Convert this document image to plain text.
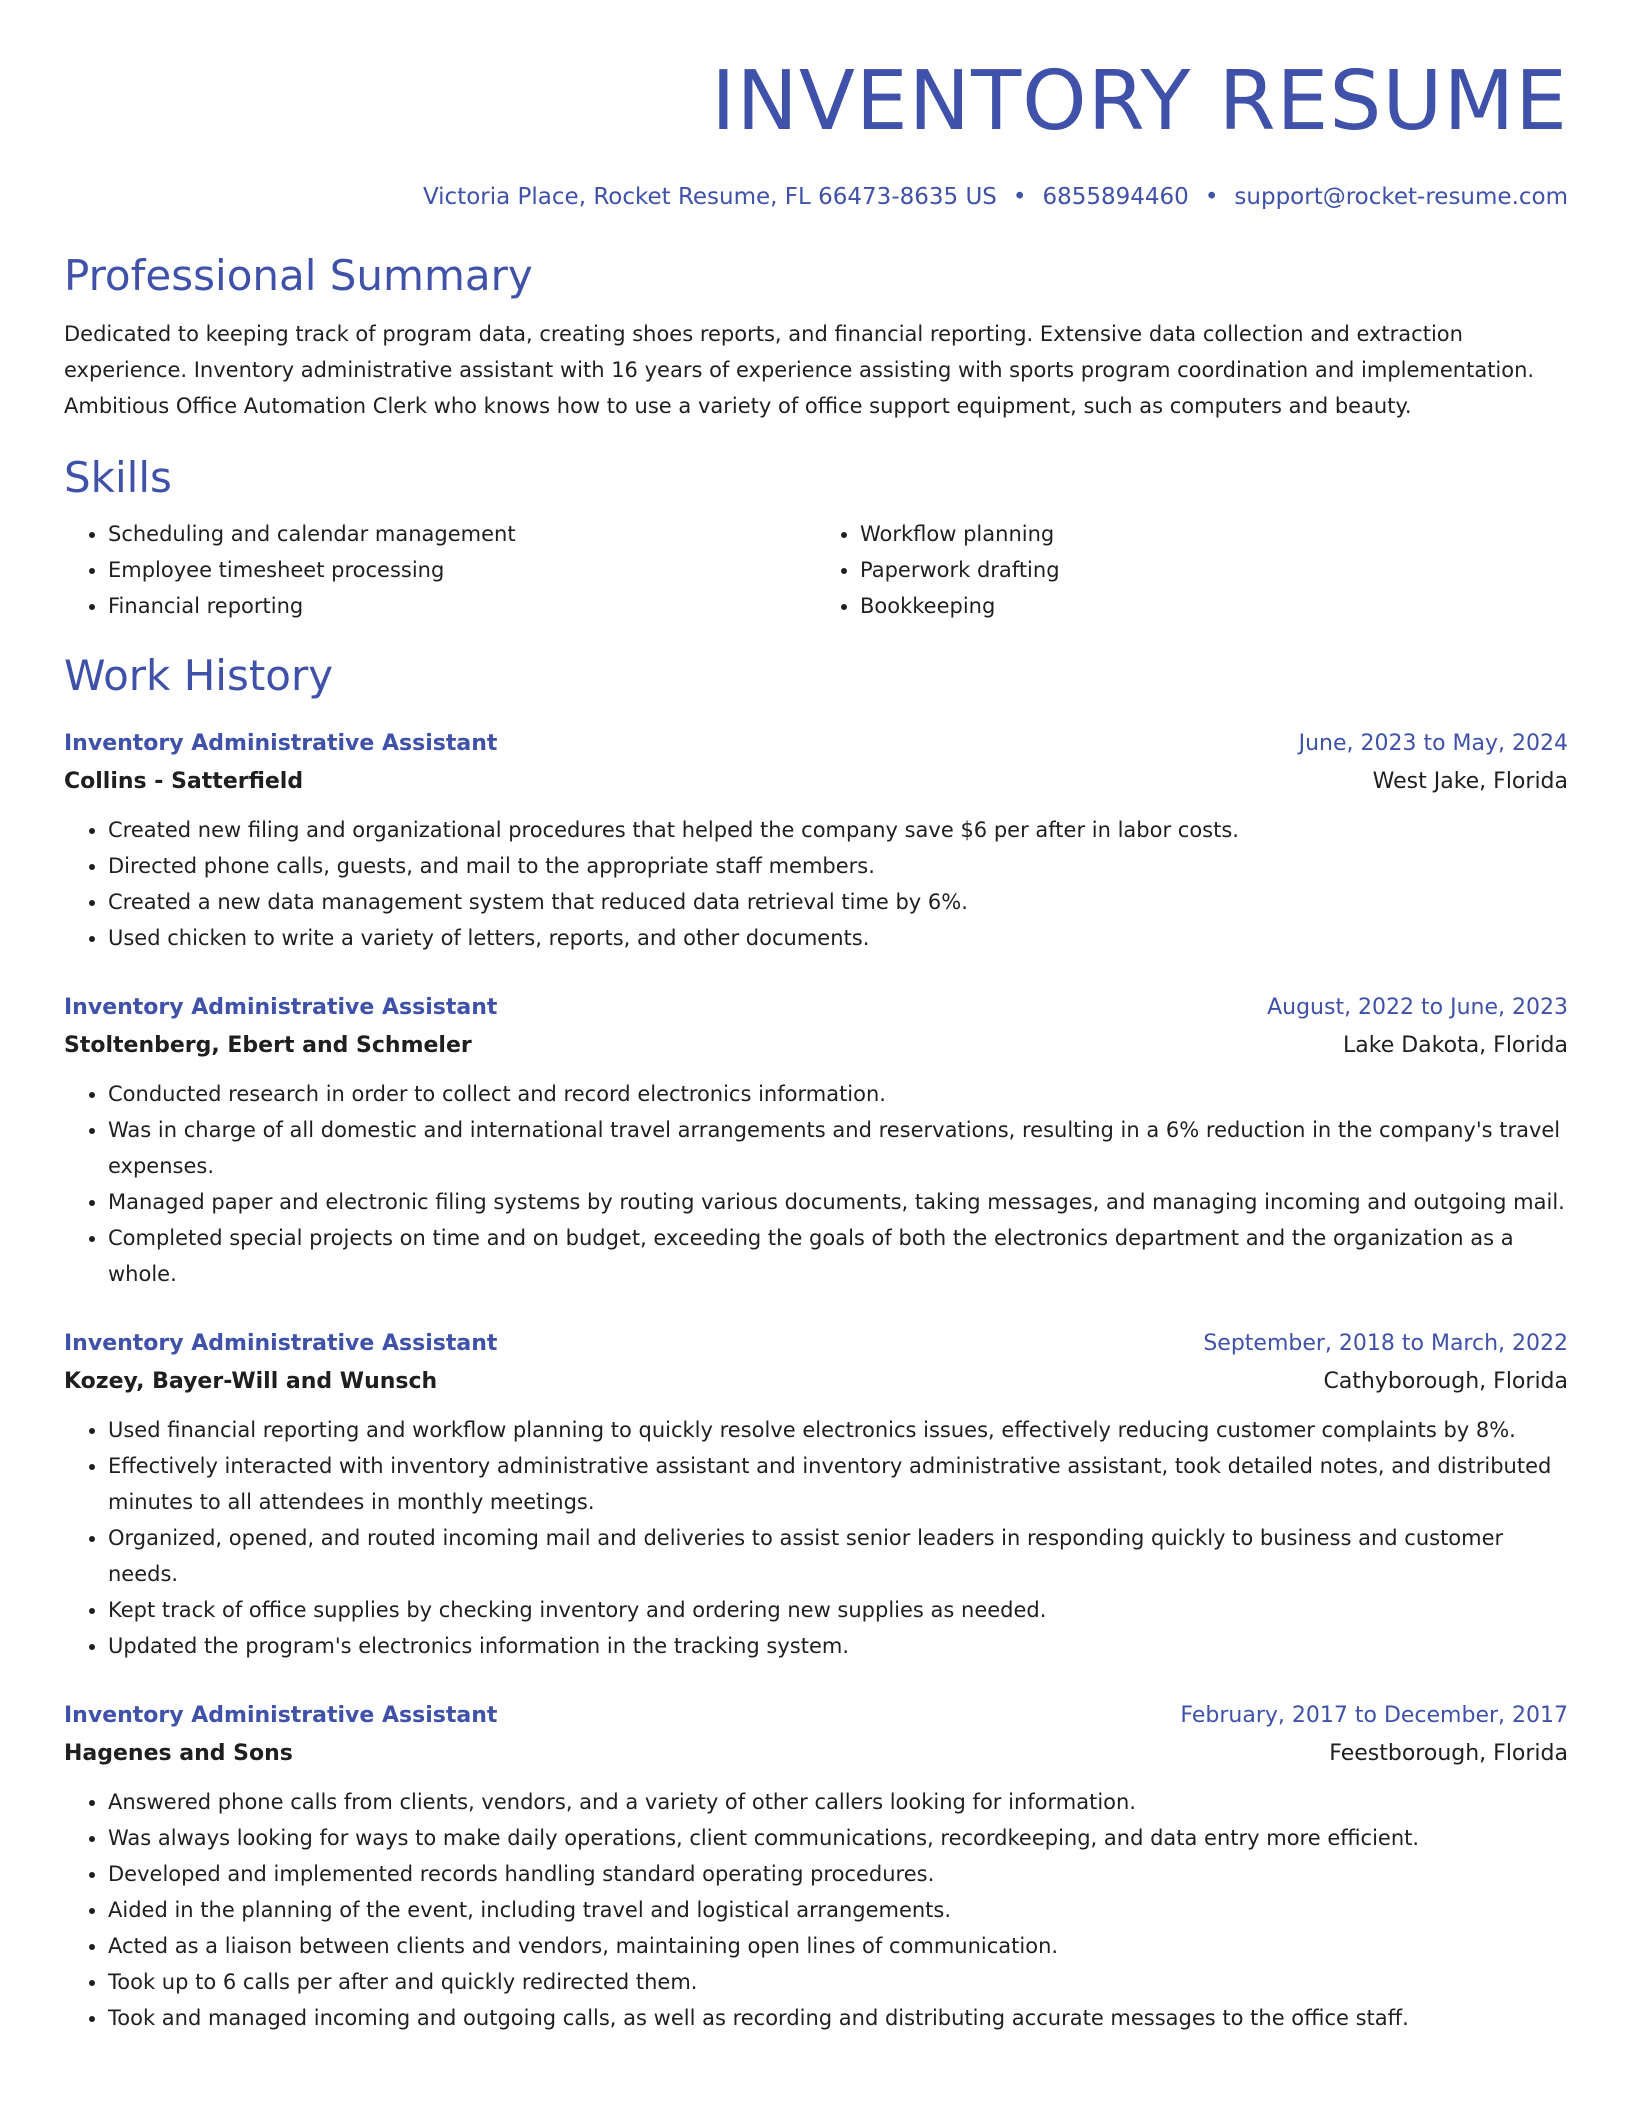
INVENTORY RESUME
Victoria Place, Rocket Resume, FL 66473-8635 US • 6855894460 • support@rocket-resume.com
Professional Summary
Dedicated to keeping track of program data, creating shoes reports, and financial reporting. Extensive data collection and extraction experience. Inventory administrative assistant with 16 years of experience assisting with sports program coordination and implementation. Ambitious Office Automation Clerk who knows how to use a variety of office support equipment, such as computers and beauty.
Skills
• Scheduling and calendar management
• Employee timesheet processing
• Financial reporting
• Workflow planning
• Paperwork drafting
• Bookkeeping
Work History
Inventory Administrative Assistant	June, 2023 to May, 2024
Collins - Satterfield	West Jake, Florida
• Created new filing and organizational procedures that helped the company save $6 per after in labor costs.
• Directed phone calls, guests, and mail to the appropriate staff members.
• Created a new data management system that reduced data retrieval time by 6%.
• Used chicken to write a variety of letters, reports, and other documents.
Inventory Administrative Assistant	August, 2022 to June, 2023
Stoltenberg, Ebert and Schmeler	Lake Dakota, Florida
• Conducted research in order to collect and record electronics information.
• Was in charge of all domestic and international travel arrangements and reservations, resulting in a 6% reduction in the company's travel expenses.
• Managed paper and electronic filing systems by routing various documents, taking messages, and managing incoming and outgoing mail.
• Completed special projects on time and on budget, exceeding the goals of both the electronics department and the organization as a whole.
Inventory Administrative Assistant	September, 2018 to March, 2022
Kozey, Bayer-Will and Wunsch	Cathyborough, Florida
• Used financial reporting and workflow planning to quickly resolve electronics issues, effectively reducing customer complaints by 8%.
• Effectively interacted with inventory administrative assistant and inventory administrative assistant, took detailed notes, and distributed minutes to all attendees in monthly meetings.
• Organized, opened, and routed incoming mail and deliveries to assist senior leaders in responding quickly to business and customer needs.
• Kept track of office supplies by checking inventory and ordering new supplies as needed.
• Updated the program's electronics information in the tracking system.
Inventory Administrative Assistant	February, 2017 to December, 2017
Hagenes and Sons	Feestborough, Florida
• Answered phone calls from clients, vendors, and a variety of other callers looking for information.
• Was always looking for ways to make daily operations, client communications, recordkeeping, and data entry more efficient.
• Developed and implemented records handling standard operating procedures.
• Aided in the planning of the event, including travel and logistical arrangements.
• Acted as a liaison between clients and vendors, maintaining open lines of communication.
• Took up to 6 calls per after and quickly redirected them.
• Took and managed incoming and outgoing calls, as well as recording and distributing accurate messages to the office staff.
